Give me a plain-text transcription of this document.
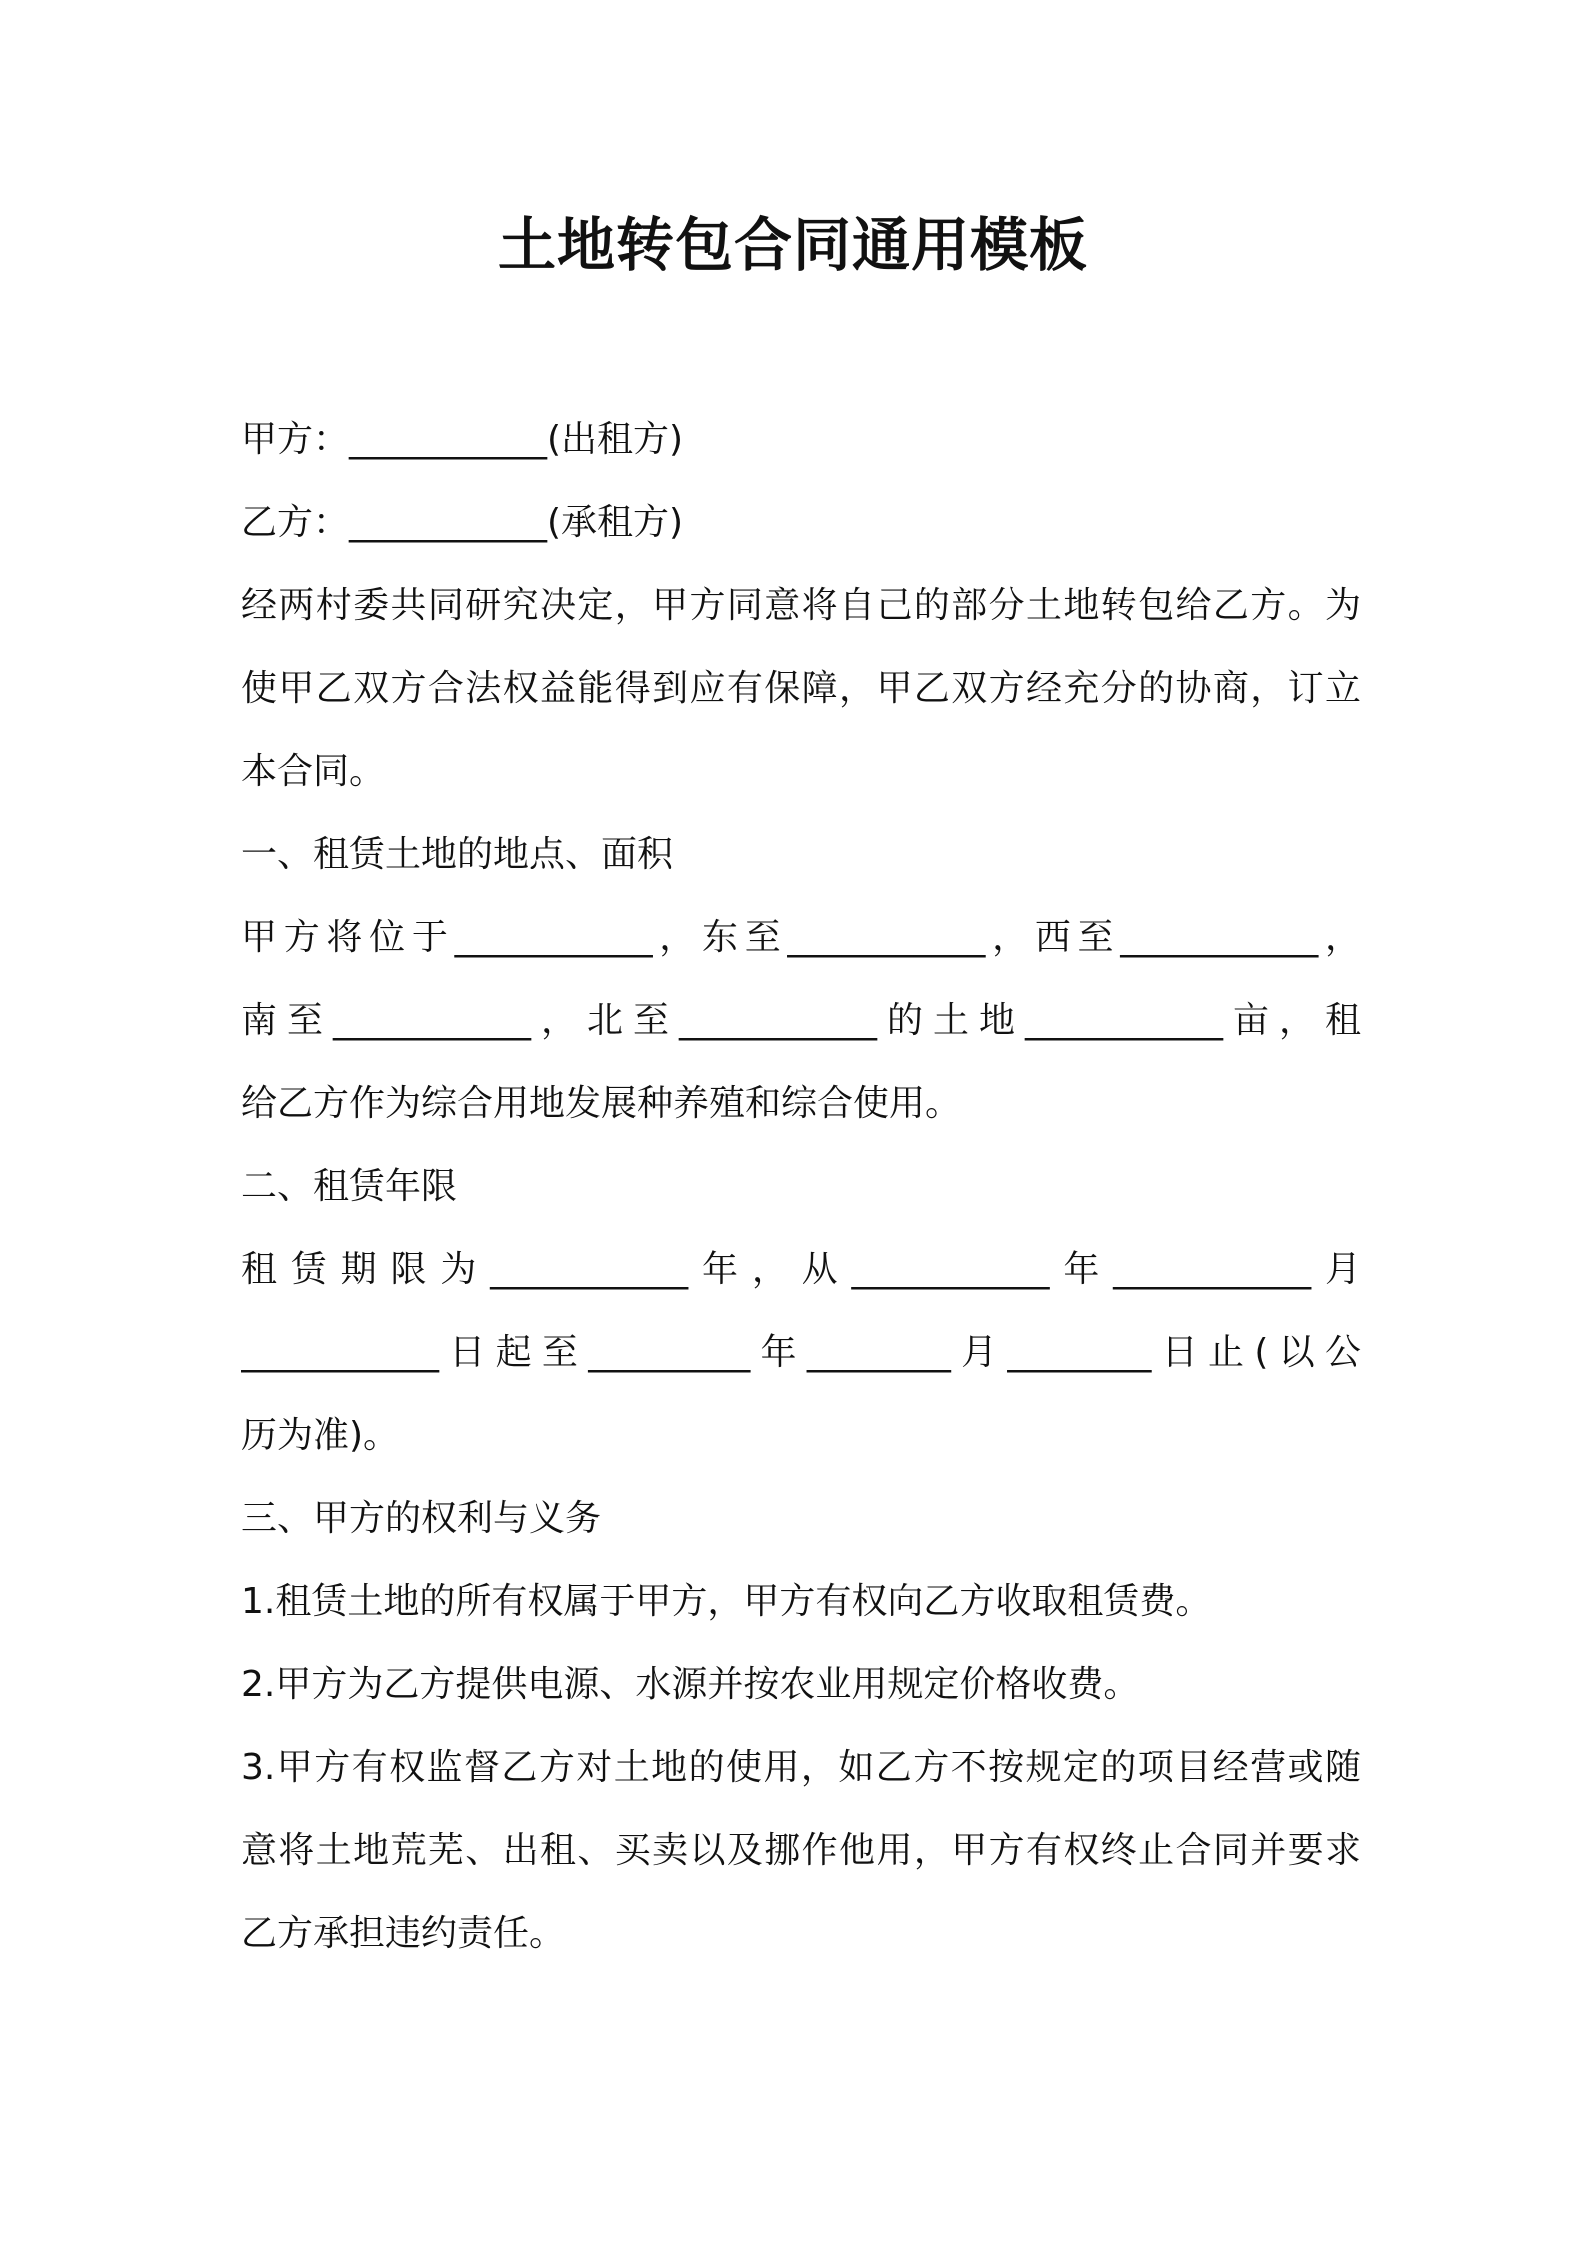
土地转包合同通用模板
甲方：___________(出租方)
乙方：___________(承租方)
经两村委共同研究决定，甲方同意将自己的部分土地转包给乙方。为
使甲乙双方合法权益能得到应有保障，甲乙双方经充分的协商，订立
本合同。
一、租赁土地的地点、面积
甲方将位于___________，东至___________，西至___________，
南至___________，北至___________的土地___________亩，租
给乙方作为综合用地发展种养殖和综合使用。
二、租赁年限
租赁期限为___________年，从___________年___________月
___________日起至_________年________月________日止(以公
历为准)。
三、甲方的权利与义务
1.租赁土地的所有权属于甲方，甲方有权向乙方收取租赁费。
2.甲方为乙方提供电源、水源并按农业用规定价格收费。
3.甲方有权监督乙方对土地的使用，如乙方不按规定的项目经营或随
意将土地荒芜、出租、买卖以及挪作他用，甲方有权终止合同并要求
乙方承担违约责任。
